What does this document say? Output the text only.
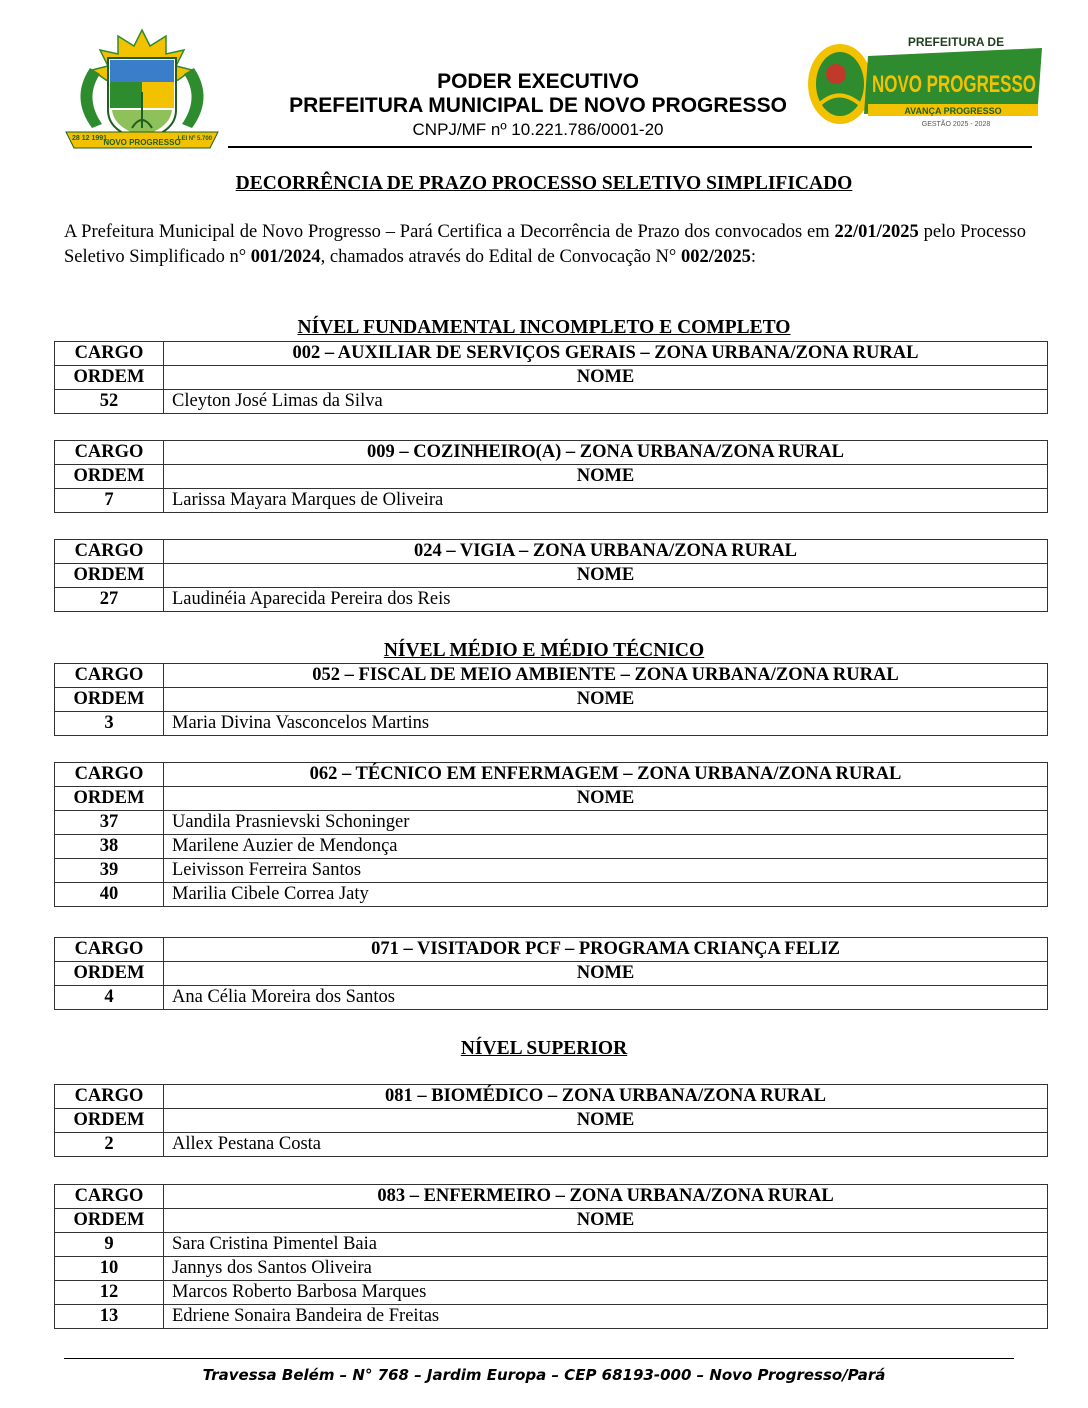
28 12 1991
NOVO PROGRESSO
LEI Nº 5.700
PODER EXECUTIVO
PREFEITURA MUNICIPAL DE NOVO PROGRESSO
CNPJ/MF nº 10.221.786/0001-20
PREFEITURA DE
NOVO PROGRESSO
AVANÇA PROGRESSO
GESTÃO 2025 - 2028
DECORRÊNCIA DE PRAZO PROCESSO SELETIVO SIMPLIFICADO
A Prefeitura Municipal de Novo Progresso – Pará Certifica a Decorrência de Prazo dos convocados em 22/01/2025 pelo Processo Seletivo Simplificado n° 001/2024, chamados através do Edital de Convocação N° 002/2025:
NÍVEL FUNDAMENTAL INCOMPLETO E COMPLETO
CARGO	002 – AUXILIAR DE SERVIÇOS GERAIS – ZONA URBANA/ZONA RURAL
ORDEM	NOME
52	Cleyton José Limas da Silva
CARGO	009 – COZINHEIRO(A) – ZONA URBANA/ZONA RURAL
ORDEM	NOME
7	Larissa Mayara Marques de Oliveira
CARGO	024 – VIGIA – ZONA URBANA/ZONA RURAL
ORDEM	NOME
27	Laudinéia Aparecida Pereira dos Reis
NÍVEL MÉDIO E MÉDIO TÉCNICO
CARGO	052 – FISCAL DE MEIO AMBIENTE – ZONA URBANA/ZONA RURAL
ORDEM	NOME
3	Maria Divina Vasconcelos Martins
CARGO	062 – TÉCNICO EM ENFERMAGEM – ZONA URBANA/ZONA RURAL
ORDEM	NOME
37	Uandila Prasnievski Schoninger
38	Marilene Auzier de Mendonça
39	Leivisson Ferreira Santos
40	Marilia Cibele Correa Jaty
CARGO	071 – VISITADOR PCF – PROGRAMA CRIANÇA FELIZ
ORDEM	NOME
4	Ana Célia Moreira dos Santos
NÍVEL SUPERIOR
CARGO	081 – BIOMÉDICO – ZONA URBANA/ZONA RURAL
ORDEM	NOME
2	Allex Pestana Costa
CARGO	083 – ENFERMEIRO – ZONA URBANA/ZONA RURAL
ORDEM	NOME
9	Sara Cristina Pimentel Baia
10	Jannys dos Santos Oliveira
12	Marcos Roberto Barbosa Marques
13	Edriene Sonaira Bandeira de Freitas
Travessa Belém – N° 768 – Jardim Europa – CEP 68193-000 – Novo Progresso/Pará
